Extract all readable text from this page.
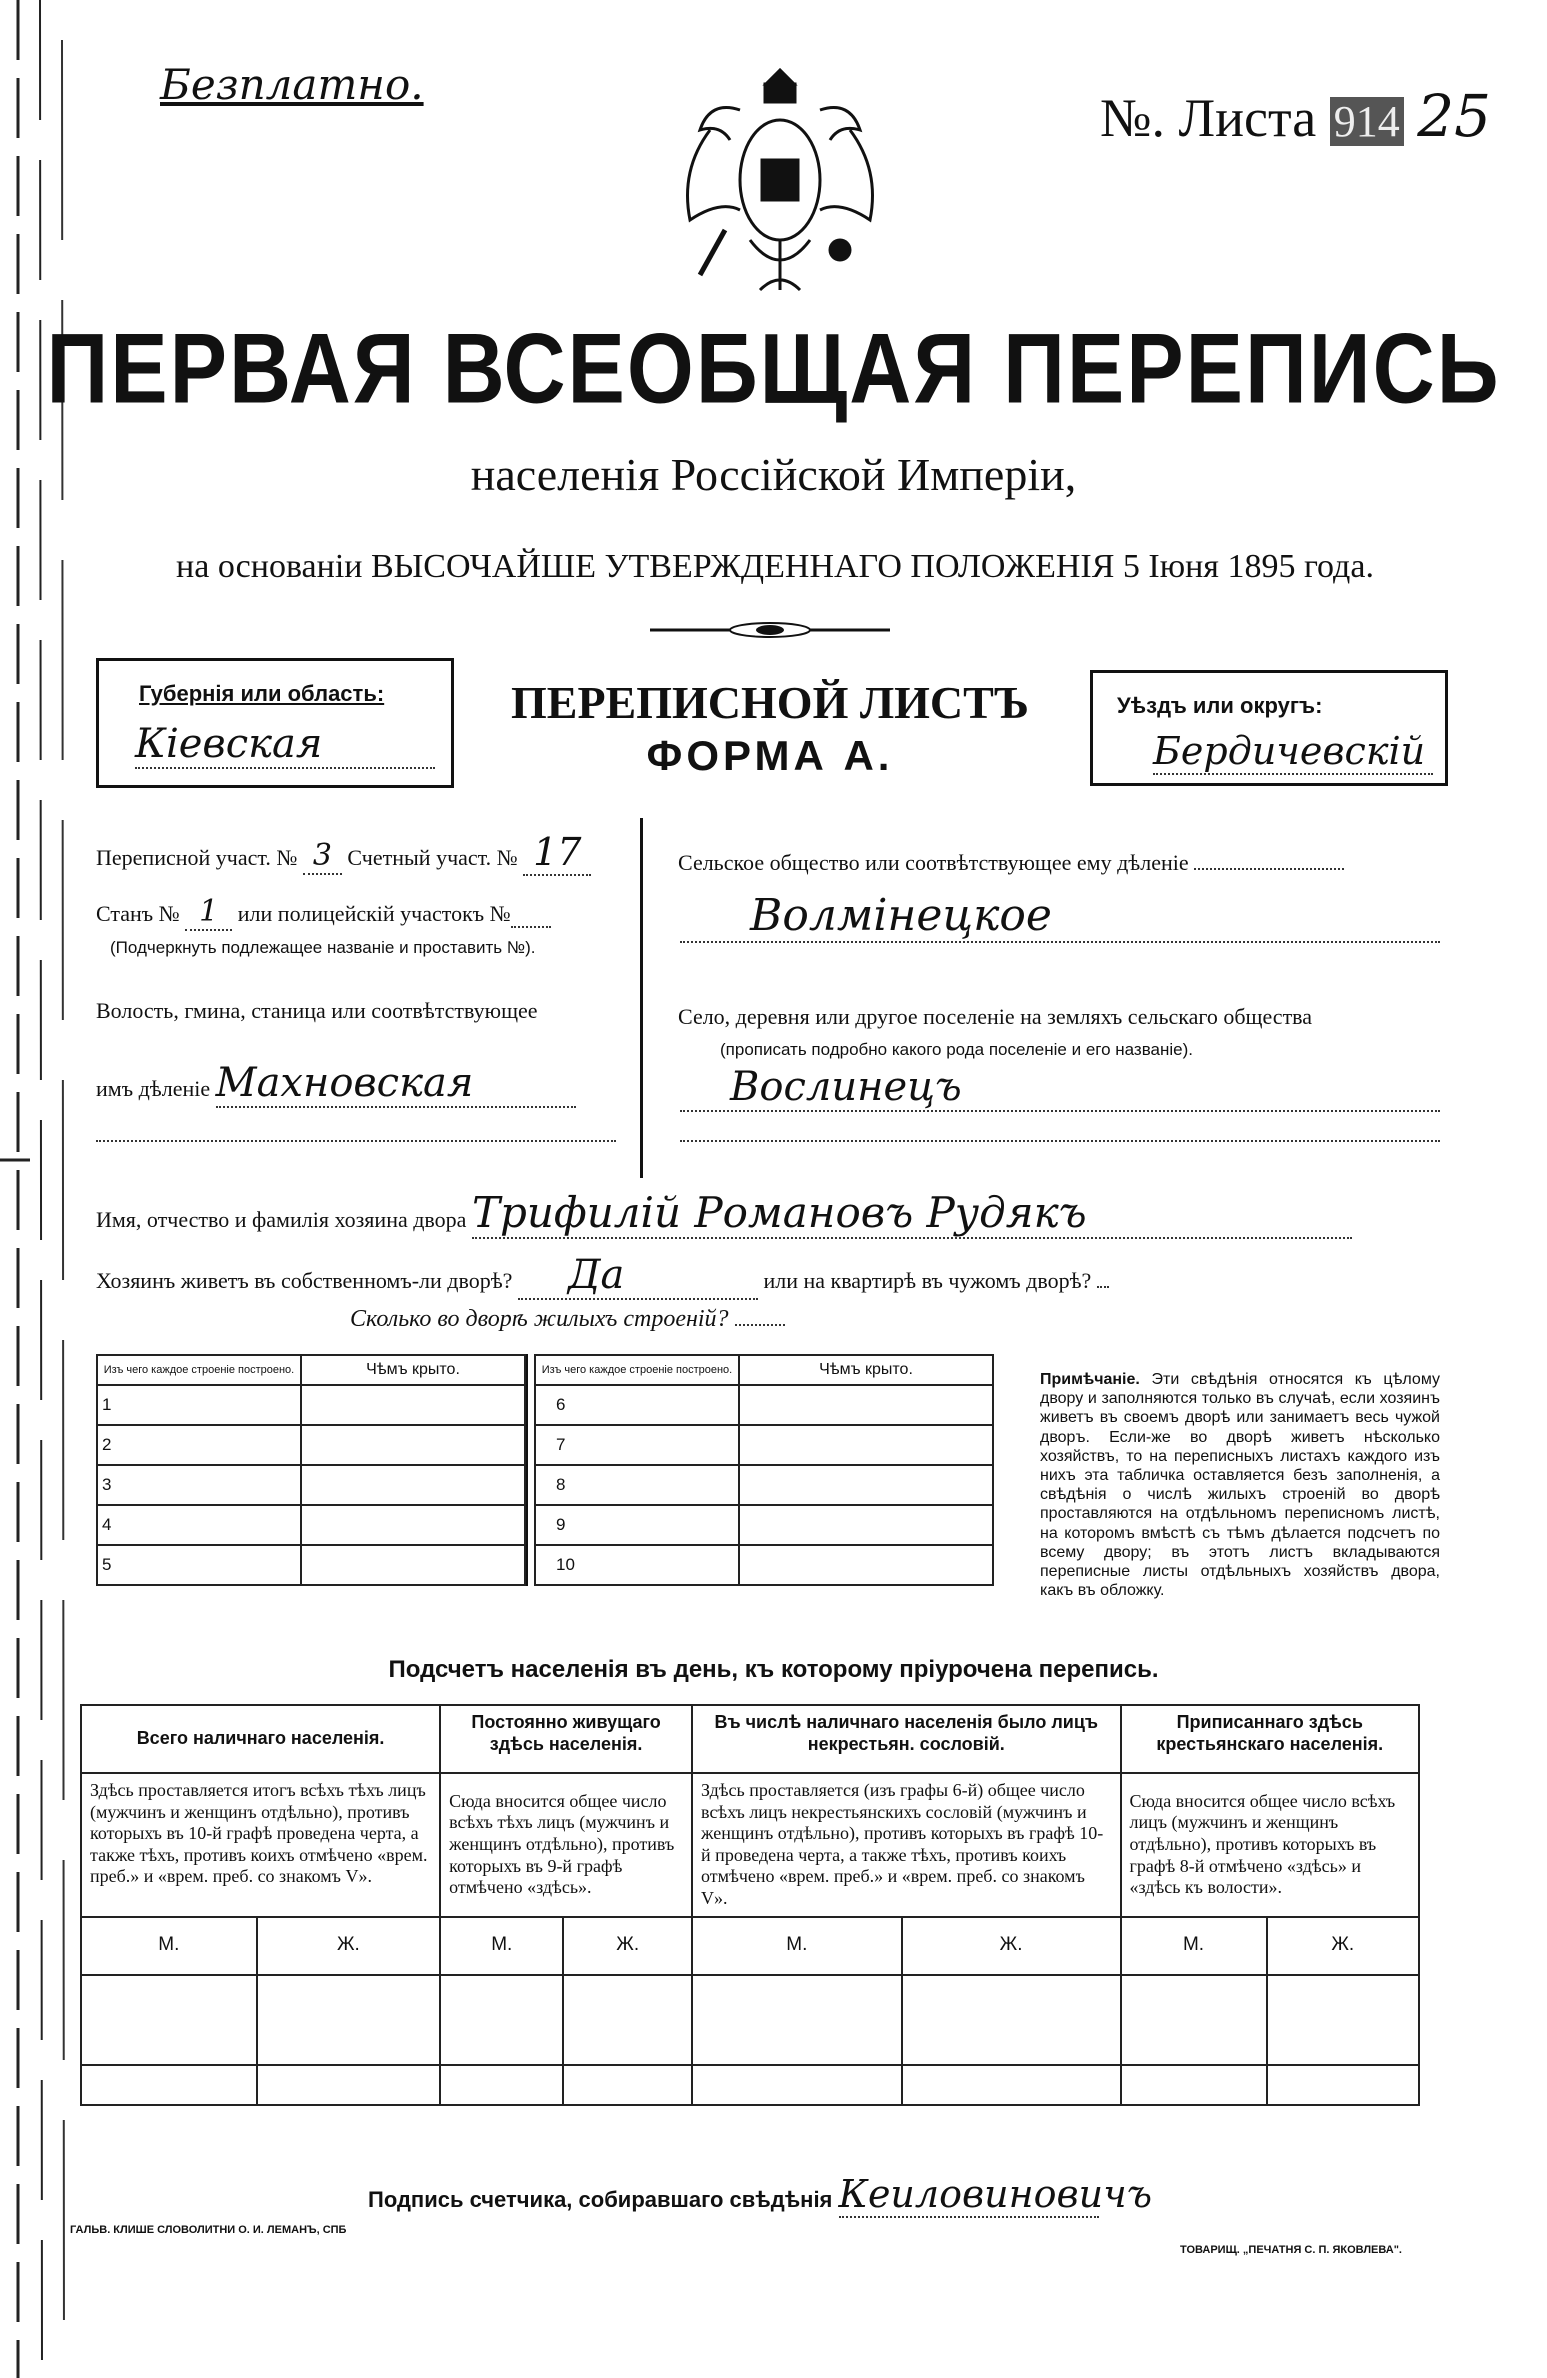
Безплатно.
№. Листа 914 25
ПЕРВАЯ ВСЕОБЩАЯ ПЕРЕПИСЬ
населенія Россійской Имперіи,
на основаніи ВЫСОЧАЙШЕ УТВЕРЖДЕННАГО ПОЛОЖЕНІЯ 5 Іюня 1895 года.
Губернія или область:
Кіевская
ПЕРЕПИСНОЙ ЛИСТЪ
ФОРМА А.
Уѣздъ или округъ:
Бердичевскій
Переписной участ. № 3 Счетный участ. № 17
Станъ № 1 или полицейскій участокъ №
(Подчеркнуть подлежащее названіе и проставить №).
Волость, гмина, станица или соотвѣтствующее
имъ дѣленіе Махновская
Сельское общество или соотвѣтствующее ему дѣленіе
Волмінецкое
Село, деревня или другое поселеніе на земляхъ сельскаго общества
(прописать подробно какого рода поселеніе и его названіе).
Воcлинецъ
Имя, отчество и фамилія хозяина двора Трифилій Романовъ Рудякъ
Хозяинъ живетъ въ собственномъ-ли дворѣ? Да	или на квартирѣ въ чужомъ дворѣ?
Сколько во дворѣ жилыхъ строеній?
Изъ чего каждое строеніе построено.	Чѣмъ крыто.
1	
2	
3	
4	
5	
Изъ чего каждое строеніе построено.	Чѣмъ крыто.
6	
7	
8	
9	
10	
Примѣчаніе. Эти свѣдѣнія относятся къ цѣлому двору и заполняются только въ случаѣ, если хозяинъ живетъ въ своемъ дворѣ или занимаетъ весь чужой дворъ. Если-же во дворѣ живетъ нѣсколько хозяйствъ, то на переписныхъ листахъ каждого изъ нихъ эта табличка оставляется безъ заполненія, а свѣдѣнія о числѣ жилыхъ строеній во дворѣ проставляются на отдѣльномъ переписномъ листѣ, на которомъ вмѣстѣ съ тѣмъ дѣлается подсчетъ по всему двору; въ этотъ листъ вкладываются переписные листы отдѣльныхъ хозяйствъ двора, какъ въ обложку.
Подсчетъ населенія въ день, къ которому пріурочена перепись.
Всего наличнаго населенія.		Постоянно живущаго здѣсь населенія.		Въ числѣ наличнаго населенія было лицъ некрестьян. сословій.		Приписаннаго здѣсь крестьянскаго населенія.	
Здѣсь проставляется итогъ всѣхъ тѣхъ лицъ (мужчинъ и женщинъ отдѣльно), противъ которыхъ въ 10-й графѣ проведена черта, а также тѣхъ, противъ коихъ отмѣчено «врем. преб.» и «врем. преб. со знакомъ V».		Сюда вносится общее число всѣхъ тѣхъ лицъ (мужчинъ и женщинъ отдѣльно), противъ которыхъ въ 9-й графѣ отмѣчено «здѣсь».		Здѣсь проставляется (изъ графы 6-й) общее число всѣхъ лицъ некрестьянскихъ сословій (мужчинъ и женщинъ отдѣльно), противъ которыхъ въ графѣ 10-й проведена черта, а также тѣхъ, противъ коихъ отмѣчено «врем. преб.» и «врем. преб. со знакомъ V».		Сюда вносится общее число всѣхъ лицъ (мужчинъ и женщинъ отдѣльно), противъ которыхъ въ графѣ 8-й отмѣчено «здѣсь» и «здѣсь къ волости».	
М.	Ж.	М.	Ж.	М.	Ж.	М.	Ж.

Подпись счетчика, собиравшаго свѣдѣнія Кеиловиновичъ
ГАЛЬВ. КЛИШЕ СЛОВОЛИТНИ О. И. ЛЕМАНЪ, СПБ
ТОВАРИЩ. „ПЕЧАТНЯ С. П. ЯКОВЛЕВА".
